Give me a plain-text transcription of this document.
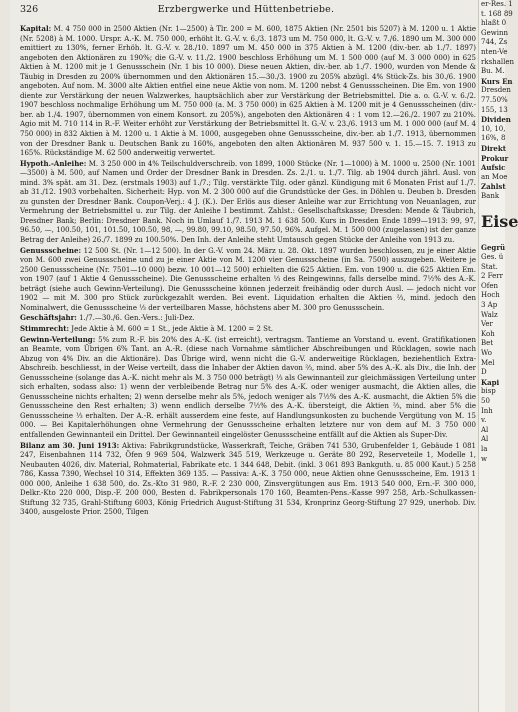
326	Erzbergwerke und Hüttenbetriebe.

Kapital: M. 4 750 000 in 2500 Aktien (Nr. 1—2500) à Tlr. 200 = M. 600, 1875 Aktien (Nr. 2501 bis 5207) à M. 1200 u. 1 Aktie (Nr. 5208) à M. 1000. Urspr. A.-K. M. 750 000, erhöht lt. G.-V. v. 6./3. 1873 um M. 750 000, lt. G.-V. v. 7./6. 1890 um M. 300 000 emittiert zu 130%, ferner Erhöh. lt. G.-V. v. 28./10. 1897 um M. 450 000 in 375 Aktien à M. 1200 (div.-ber. ab 1./7. 1897) angeboten den Aktionären zu 190%; die G.-V. v. 11./2. 1900 beschloss Erhöhung um M. 1 500 000 (auf M. 3 000 000) in 625 Aktien à M. 1200 mit je 1 Genussschein (Nr. 1 bis 10 000). Diese neuen Aktien, div.-ber. ab 1./7. 1900, wurden von Mende & Täubig in Dresden zu 200% übernommen und den Aktionären 15.—30./3. 1900 zu 205% abzügl. 4% Stück-Zs. bis 30./6. 1900 angeboten. Auf nom. M. 3000 alte Aktien entfiel eine neue Aktie von nom. M. 1200 nebst 4 Genussscheinen. Die Em. von 1900 diente zur Verstärkung der neuen Walzwerkes, hauptsächlich aber zur Verstärkung der Betriebsmittel. Die a. o. G.-V. v. 6./2. 1907 beschloss nochmalige Erhöhung um M. 750 000 (a. M. 3 750 000) in 625 Aktien à M. 1200 mit je 4 Genussscheinen (div.-ber. ab 1./4. 1907, übernommen von einem Konsort. zu 205%), angeboten den Aktionären 4 : 1 vom 12.—26./2. 1907 zu 210%. Agio mit M. 710 114 in R.-F. Weiter erhöht zur Verstärkung der Betriebsmittel lt. G.-V. v. 23./6. 1913 um M. 1 000 000 (auf M. 4 750 000) in 832 Aktien à M. 1200 u. 1 Aktie à M. 1000, ausgegeben ohne Genussscheine, div.-ber. ab 1./7. 1913, übernommen von der Dresdner Bank u. Deutschen Bank zu 160%, angeboten den alten Aktionären M. 937 500 v. 1. 15.—15. 7. 1913 zu 165%. Rückständige M. 62 500 anderweitig verwertet.

Hypoth.-Anleihe: M. 3 250 000 in 4% Teilschuldverschreib. von 1899, 1000 Stücke (Nr. 1—1000) à M. 1000 u. 2500 (Nr. 1001—3500) à M. 500, auf Namen und Order der Dresdner Bank in Dresden. Zs. 2./1. u. 1./7. Tilg. ab 1904 durch jährl. Ausl. von mind. 3% spät. am 31. Dez. (erstmals 1903) auf 1./7.; Tilg. verstärkte Tilg. oder gänzl. Kündigung mit 6 Monaten Frist auf 1./7. ab 31./12. 1903 vorbehalten. Sicherheit: Hyp. von M. 2 300 000 auf die Grundstücke der Ges. in Döhlen u. Deuben b. Dresden zu gunsten der Dresdner Bank. Coupon-Verj.: 4 J. (K.). Der Erlös aus dieser Anleihe war zur Errichtung von Neuanlagen, zur Vermehrung der Betriebsmittel u. zur Tilg. der Anleihe I bestimmt. Zahlst.: Gesellschaftskasse; Dresden: Mende & Täubrich, Dresdner Bank; Berlin: Dresdner Bank. Noch in Umlauf 1./7. 1913 M. 1 638 500. Kurs in Dresden Ende 1899—1913: 99, 97, 96.50, —, 100.50, 101, 101.50, 100.50, 98, —, 99.80, 99.10, 98.50, 97.50, 96%. Aufgel. M. 1 500 000 (zugelassen) ist der ganze Betrag der Anleihe) 26./7. 1899 zu 100.50%. Den Inh. der Anleihe steht Umtausch gegen Stücke der Anleihe von 1913 zu.

Genussscheine: 12 500 St. (Nr. 1—12 500). In der G.-V. vom 24. März u. 28. Okt. 1897 wurden beschlossen, zu je einer Aktie von M. 600 zwei Genussscheine und zu je einer Aktie von M. 1200 vier Genussscheine (in Sa. 7500) auszugeben. Weitere je 2500 Genussscheine (Nr. 7501—10 000) bezw. 10 001—12 500) erhielten die 625 Aktien. Em. von 1900 u. die 625 Aktien Em. von 1907 (auf 1 Aktie 4 Genussscheine). Die Genussscheine erhalten ⅓ des Reingewinns, falls derselbe mind. 7½% des A.-K. beträgt (siehe auch Gewinn-Verteilung). Die Genussscheine können jederzeit freihändig oder durch Ausl. — jedoch nicht vor 1902 — mit M. 300 pro Stück zurückgezahlt werden. Bei event. Liquidation erhalten die Aktien ⅔, mind. jedoch den Nominalwert, die Genussscheine ⅓ der verteilbaren Masse, höchstens aber M. 300 pro Genussschein.

Geschäftsjahr: 1./7.—30./6. Gen.-Vers.: Juli-Dez.

Stimmrecht: Jede Aktie à M. 600 = 1 St., jede Aktie à M. 1200 = 2 St.

Gewinn-Verteilung: 5% zum R.-F. bis 20% des A.-K. (ist erreicht), vertragsm. Tantieme an Vorstand u. event. Gratifikationen an Beamte, vom Übrigen 6% Tant. an A.-R. (diese nach Vornahme sämtlicher Abschreibungen und Rücklagen, sowie nach Abzug von 4% Div. an die Aktionäre). Das Übrige wird, wenn nicht die G.-V. anderweitige Rücklagen, beziehentlich Extra-Abschreib. beschliesst, in der Weise verteilt, dass die Inhaber der Aktien davon ⅔, mind. aber 5% des A.-K. als Div., die Inh. der Genussscheine (solange das A.-K. nicht mehr als M. 3 750 000 beträgt) ⅓ als Gewinnanteil zur gleichmässigen Verteilung unter sich erhalten, sodass also: 1) wenn der verbleibende Betrag nur 5% des A.-K. oder weniger ausmacht, die Aktien alles, die Genussscheine nichts erhalten; 2) wenn derselbe mehr als 5%, jedoch weniger als 7½% des A.-K. ausmacht, die Aktien 5% die Genussscheine den Rest erhalten; 3) wenn endlich derselbe 7½% des A.-K. übersteigt, die Aktien ⅔, mind. aber 5% die Genussscheine ⅓ erhalten. Der A.-R. erhält ausserdem eine feste, auf Handlungsunkosten zu buchende Vergütung von M. 15 000. — Bei Kapitalerhöhungen ohne Vermehrung der Genussscheine erhalten letztere nur von dem auf M. 3 750 000 entfallenden Gewinnanteil ein Drittel. Der Gewinnanteil eingelöster Genussscheine entfällt auf die Aktien als Super-Div.

Bilanz am 30. Juni 1913: Aktiva: Fabrikgrundstücke, Wasserkraft, Teiche, Gräben 741 530, Grubenfelder 1, Gebäude 1 081 247, Eisenbahnen 114 732, Öfen 9 969 504, Walzwerk 345 519, Werkzeuge u. Geräte 80 292, Reserveteile 1, Modelle 1, Neubauten 4026, div. Material, Rohmaterial, Fabrikate etc. 1 344 648, Debit. (inkl. 3 061 893 Bankguth. u. 85 000 Kaut.) 5 258 786, Kassa 7390, Wechsel 10 314, Effekten 369 135. — Passiva: A.-K. 3 750 000, neue Aktien ohne Genussscheine, Em. 1913 1 000 000, Anleihe 1 638 500, do. Zs.-Kto 31 980, R.-F. 2 230 000, Zinsvergütungen aus Em. 1913 540 000, Ern.-F. 300 000, Delkr.-Kto 220 000, Disp.-F. 200 000, Besten d. Fabrikpersonals 170 160, Beamten-Pens.-Kasse 997 258, Arb.-Schulkassen-Stiftung 32 735, Grahl-Stiftung 6003, König Friedrich August-Stiftung 31 534, Kronprinz Georg-Stiftung 27 929, unerhob. Div. 3400, ausgeloste Prior. 2500, Tilgen

er-Res. 1
t. 168 89
hlaßt 0
Gewinn
744, Zs
nten-Ve
rkshallen
Bu. M.
Kurs En
Dresden
77.50%
155, 13
Dividen
10, 10,
16%, 8
Direkt
Prokur
Aufsic
an Moe
Zahlst
Bank
Eise
Gegrü
Ges. ü
Stat.
2 Ferr
Ofen
Hoch
3 Ap
Walz
Ver
Koh
Bet
Wo
Mel
D
Kapi
bisp
50
Inh
v.
Al
Al
la
w
